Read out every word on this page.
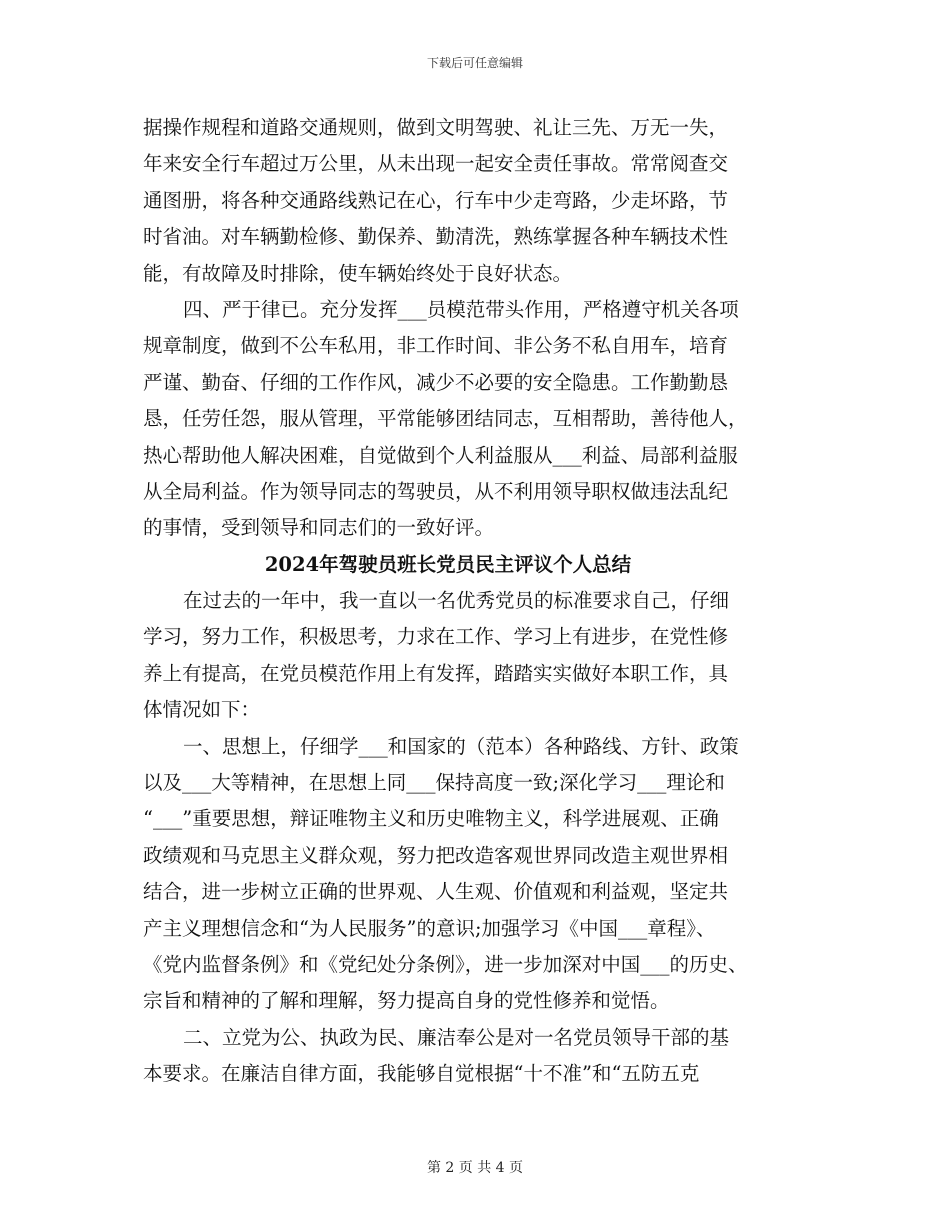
下载后可任意编辑
据操作规程和道路交通规则，做到文明驾驶、礼让三先、万无一失，
年来安全行车超过万公里，从未出现一起安全责任事故。常常阅查交
通图册，将各种交通路线熟记在心，行车中少走弯路，少走坏路，节
时省油。对车辆勤检修、勤保养、勤清洗，熟练掌握各种车辆技术性
能，有故障及时排除，使车辆始终处于良好状态。
四、严于律已。充分发挥___员模范带头作用，严格遵守机关各项
规章制度，做到不公车私用，非工作时间、非公务不私自用车，培育
严谨、勤奋、仔细的工作作风，减少不必要的安全隐患。工作勤勤恳
恳，任劳任怨，服从管理，平常能够团结同志，互相帮助，善待他人，
热心帮助他人解决困难，自觉做到个人利益服从___利益、局部利益服
从全局利益。作为领导同志的驾驶员，从不利用领导职权做违法乱纪
的事情，受到领导和同志们的一致好评。
2024年驾驶员班长党员民主评议个人总结
在过去的一年中，我一直以一名优秀党员的标准要求自己，仔细
学习，努力工作，积极思考，力求在工作、学习上有进步，在党性修
养上有提高，在党员模范作用上有发挥，踏踏实实做好本职工作，具
体情况如下：
一、思想上，仔细学___和国家的（范本）各种路线、方针、政策
以及___大等精神，在思想上同___保持高度一致;深化学习___理论和
“___”重要思想，辩证唯物主义和历史唯物主义，科学进展观、正确
政绩观和马克思主义群众观，努力把改造客观世界同改造主观世界相
结合，进一步树立正确的世界观、人生观、价值观和利益观，坚定共
产主义理想信念和“为人民服务”的意识;加强学习《中国___章程》、
《党内监督条例》和《党纪处分条例》，进一步加深对中国___的历史、
宗旨和精神的了解和理解，努力提高自身的党性修养和觉悟。
二、立党为公、执政为民、廉洁奉公是对一名党员领导干部的基
本要求。在廉洁自律方面，我能够自觉根据“十不准”和“五防五克
第 2 页 共 4 页
